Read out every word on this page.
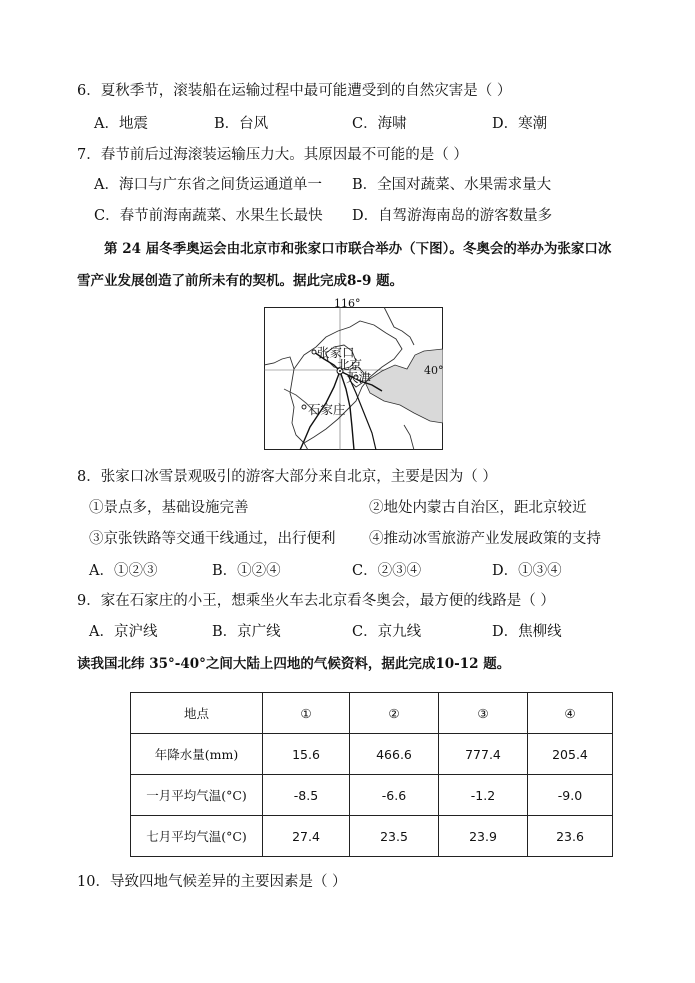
6．夏秋季节，滚装船在运输过程中最可能遭受到的自然灾害是（ ）
A．地震	B．台风	C．海啸	D．寒潮
7．春节前后过海滚装运输压力大。其原因最不可能的是（ ）
A．海口与广东省之间货运通道单一 B．全国对蔬菜、水果需求量大
C．春节前海南蔬菜、水果生长最快 D．自驾游海南岛的游客数量多
第 24 届冬季奥运会由北京市和张家口市联合举办（下图）。冬奥会的举办为张家口冰
雪产业发展创造了前所未有的契机。据此完成8-9 题。
116°
40°
张家口
北京
天津
石家庄
8．张家口冰雪景观吸引的游客大部分来自北京，主要是因为（ ）
①景点多，基础设施完善	②地处内蒙古自治区，距北京较近
③京张铁路等交通干线通过，出行便利 ④推动冰雪旅游产业发展政策的支持
A．①②③	B．①②④	C．②③④	D．①③④
9．家在石家庄的小王，想乘坐火车去北京看冬奥会，最方便的线路是（ ）
A．京沪线	B．京广线	C．京九线	D．焦柳线
读我国北纬 35°-40°之间大陆上四地的气候资料，据此完成10-12 题。
地点	①	②	③	④
年降水量(mm)	15.6	466.6	777.4	205.4
一月平均气温(°C)	-8.5	-6.6	-1.2	-9.0
七月平均气温(°C)	27.4	23.5	23.9	23.6
10．导致四地气候差异的主要因素是（ ）
